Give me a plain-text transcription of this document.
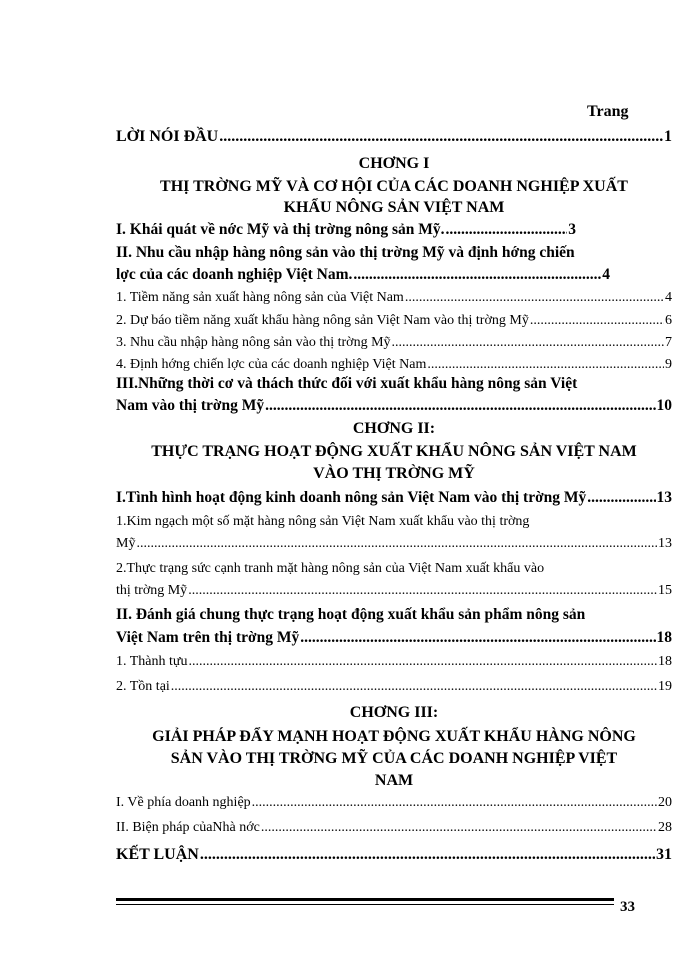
Trang
LỜI NÓI ĐẦU .....	1
CHƠNG I
THỊ TRỜNG MỸ VÀ CƠ HỘI CỦA CÁC DOANH NGHIỆP XUẤT
KHẨU NÔNG SẢN VIỆT NAM
I. Khái quát về nớc Mỹ và thị trờng nông sản Mỹ. .....	3
II. Nhu cầu nhập hàng nông sản vào thị trờng Mỹ và định hớng chiến
lợc của các doanh nghiệp Việt Nam. .....	4
1. Tiềm năng sản xuất hàng nông sản của Việt Nam .....	4
2. Dự báo tiềm năng xuất khẩu hàng nông sản Việt Nam vào thị trờng Mỹ .....	6
3. Nhu cầu nhập hàng nông sản vào thị trờng Mỹ .....	7
4. Định hớng chiến lợc của các doanh nghiệp Việt Nam .....	9
III.Những thời cơ và thách thức đối với xuất khẩu hàng nông sản Việt
Nam vào thị trờng Mỹ .....	10
CHƠNG II:
THỰC TRẠNG HOẠT ĐỘNG XUẤT KHẨU NÔNG SẢN VIỆT NAM
VÀO THỊ TRỜNG MỸ
I.Tình hình hoạt động kinh doanh nông sản Việt Nam vào thị trờng Mỹ .....	13
1.Kim ngạch một số mặt hàng nông sản Việt Nam xuất khẩu vào thị trờng
Mỹ .....	13
2.Thực trạng sức cạnh tranh mặt hàng nông sản của Việt Nam xuất khẩu vào
thị trờng Mỹ .....	15
II. Đánh giá chung thực trạng hoạt động xuất khẩu sản phẩm nông sản
Việt Nam trên thị trờng Mỹ .....	18
1. Thành tựu .....	18
2. Tồn tại .....	19
CHƠNG III:
GIẢI PHÁP ĐẨY MẠNH HOẠT ĐỘNG XUẤT KHẨU HÀNG NÔNG
SẢN VÀO THỊ TRỜNG MỸ CỦA CÁC DOANH NGHIỆP VIỆT
NAM
I. Về phía doanh nghiệp .....	20
II. Biện pháp củaNhà nớc .....	28
KẾT LUẬN .....	31
33
